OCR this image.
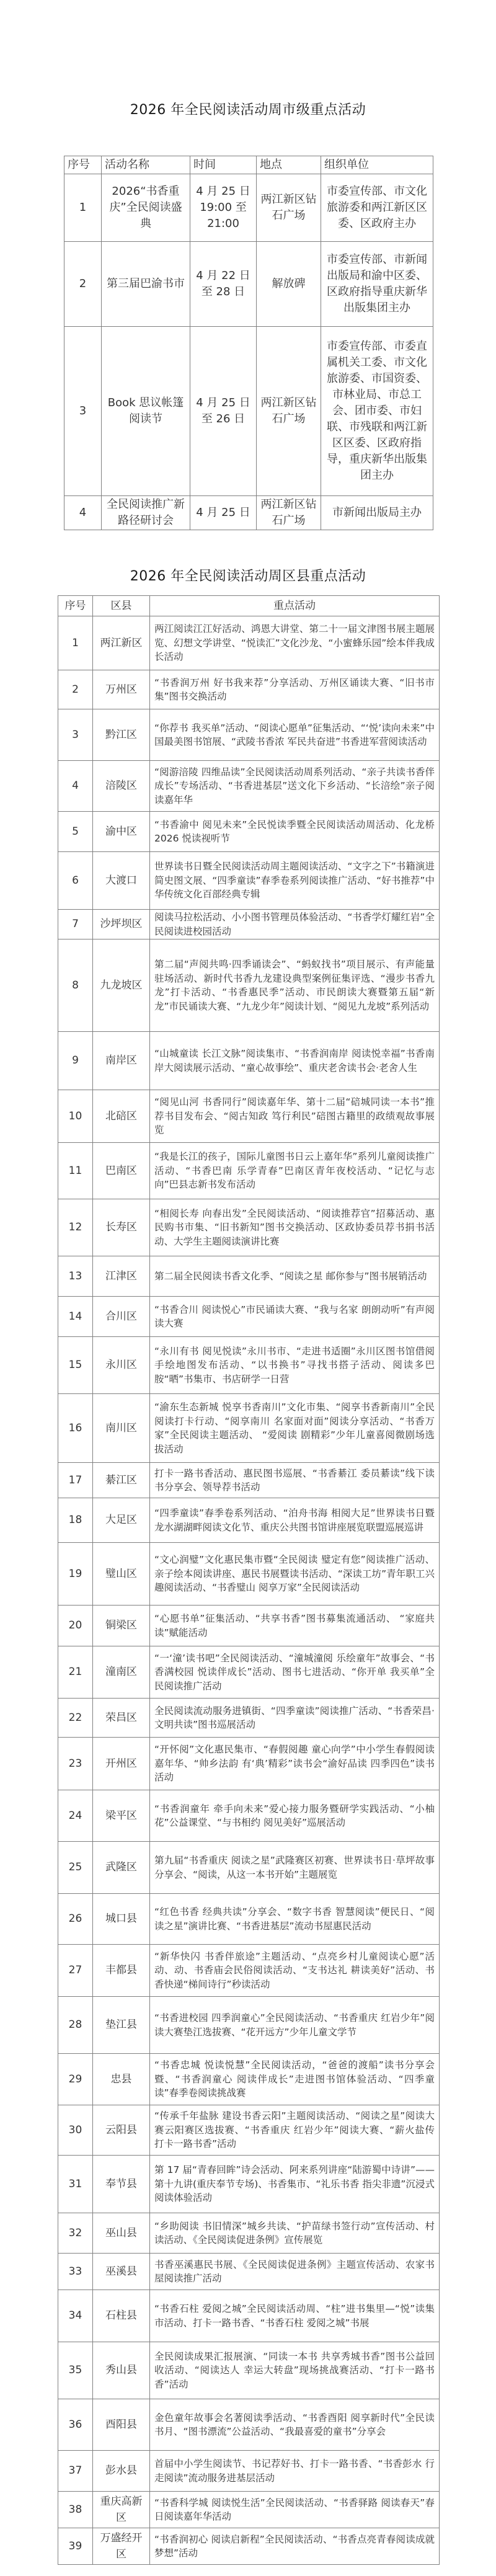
2026 年全民阅读活动周市级重点活动
序号	活动名称	时间	地点	组织单位
1	2026“书香重庆”全民阅读盛典	4 月 25 日 19:00 至 21:00	两江新区钻石广场	市委宣传部、市文化旅游委和两江新区区委、区政府主办
2	第三届巴渝书市	4 月 22 日至 28 日	解放碑	市委宣传部、市新闻出版局和渝中区委、区政府指导重庆新华出版集团主办
3	Book 思议帐篷阅读节	4 月 25 日至 26 日	两江新区钻石广场	市委宣传部、市委直属机关工委、市文化旅游委、市国资委、市林业局、市总工会、团市委、市妇联、市残联和两江新区区委、区政府指导，重庆新华出版集团主办
4	全民阅读推广新路径研讨会	4 月 25 日	两江新区钻石广场	市新闻出版局主办
2026 年全民阅读活动周区县重点活动
序号	区县	重点活动
1	两江新区	两江阅读江江好活动、鸿恩大讲堂、第二十一届文津图书展主题展览、幻想文学讲堂、“悦读汇”文化沙龙、“小蜜蜂乐园”绘本伴我成长活动
2	万州区	“书香润万州 好书我来荐”分享活动、万州区诵读大赛、“旧书市集”图书交换活动
3	黔江区	“你荐书 我买单”活动、“阅读心愿单”征集活动、“‘悦’读向未来”中国最美图书馆展、“武陵书香浓 军民共奋进”书香进军营阅读活动
4	涪陵区	“阅游涪陵 四维品读”全民阅读活动周系列活动、“亲子共读书香伴成长”专场活动、“书香进基层”送文化下乡活动、“长涪绘”亲子阅读嘉年华
5	渝中区	“书香渝中 阅见未来”全民悦读季暨全民阅读活动周活动、化龙桥 2026 悦读视听节
6	大渡口	世界读书日暨全民阅读活动周主题阅读活动、“文字之下”书籍演进简史图文展、“四季童读”春季卷系列阅读推广活动、“好书推荐”中华传统文化百部经典专辑
7	沙坪坝区	阅读马拉松活动、小小图书管理员体验活动、“书香学灯耀红岩”全民阅读进校园活动
8	九龙坡区	第二届“声阅共鸣·四季诵读会”、“蚂蚁找书”项目展示、有声能量驻场活动、新时代书香九龙建设典型案例征集评选、“漫步书香九龙”打卡活动、“书香惠民季”活动、市民朗读大赛暨第五届“新龙”市民诵读大赛、“九龙少年”阅读计划、“阅见九龙坡”系列活动
9	南岸区	“山城童读 长江文脉”阅读集市、“书香润南岸 阅读悦幸福”书香南岸大阅读展示活动、“童心故事绘”、重庆老舍读书会·老舍人生
10	北碚区	“阅见山河 书香同行”阅读嘉年华、第十二届“碚城同读一本书”推荐书目发布会、“阅古知政 笃行利民”碚图古籍里的政绩观故事展览
11	巴南区	“我是长江的孩子，国际儿童图书日云上嘉年华”系列儿童阅读推广活动、“书香巴南 乐学青春”巴南区青年夜校活动、“记忆与志向”巴县志新书发布活动
12	长寿区	“相阅长寿 向春出发”全民阅读活动、“阅读推荐官”招募活动、惠民购书市集、“旧书新知”图书交换活动、区政协委员荐书捐书活动、大学生主题阅读演讲比赛
13	江津区	第二届全民阅读书香文化季、“阅读之星 邮你参与”图书展销活动
14	合川区	“书香合川 阅读悦心”市民诵读大赛、“我与名家 朗朗动听”有声阅读大赛
15	永川区	“永川有书 阅见悦读”永川书市、“走进书适圈”永川区图书馆借阅手绘地图发布活动、“以书换书”寻找书搭子活动、阅读多巴胺“晒”书集市、书店研学一日营
16	南川区	“渝东生态新城 悦享书香南川”文化市集、“阅享书香新南川”全民阅读打卡行动、“阅享南川 名家面对面”阅读分享活动、“书香万家”全民阅读主题活动、 “爱阅读 剧精彩”少年儿童喜阅微剧场选拔活动
17	綦江区	打卡一路书香活动、惠民图书巡展、“书香綦江 委员綦读”线下读书分享会、领导荐书活动
18	大足区	“四季童读”春季卷系列活动、“泊舟书海 相阅大足”世界读书日暨龙水湖湖畔阅读文化节、重庆公共图书馆讲座展览联盟巡展巡讲
19	璧山区	“文心润璧”文化惠民集市暨“全民阅读 璧定有您”阅读推广活动、亲子绘本阅读讲座、惠民书展暨读书活动、“深读工坊”青年职工兴趣阅读活动、“书香璧山 阅享万家”全民阅读活动
20	铜梁区	“心愿书单”征集活动、“共享书香”图书募集流通活动、 “家庭共读”赋能活动
21	潼南区	“一‘潼’读书吧”全民阅读活动、“潼城潼阅 乐绘童年”故事会、“书香满校园 悦读伴成长”活动、图书七进活动、“你开单 我买单”全民阅读推广活动
22	荣昌区	全民阅读流动服务进镇街、“四季童读”阅读推广活动、“书香荣昌·文明共读”图书巡展活动
23	开州区	“开怀阅”文化惠民集市、“春假阅趣 童心向学”中小学生春假阅读嘉年华、“帅乡法韵 有‘典’精彩”读书会“渝好品读 四季四色”读书活动
24	梁平区	“书香润童年 牵手向未来”爱心接力服务暨研学实践活动、“小柚花”公益课堂、“与书相约 阅见美好”巡展活动
25	武隆区	第九届“书香重庆 阅读之星”武隆赛区初赛、世界读书日·草坪故事分享会、“阅读，从这一本书开始”主题展览
26	城口县	“红色书香 经典共读”分享会、“数字书香 智慧阅读”便民日、“阅读之星”演讲比赛、“书香进基层”流动书屋惠民活动
27	丰都县	“新华快闪 书香伴旅途”主题活动、“点亮乡村儿童阅读心愿”活动、动、书香庙会民俗阅读活动、“支书达礼 耕读美好”活动、书香快递“梯间诗行”秒读活动
28	垫江县	“书香进校园 四季润童心”全民阅读活动、“书香重庆 红岩少年”阅读大赛垫江选拔赛、“花开远方”少年儿童文学节
29	忠县	“书香忠城 悦读悦慧”全民阅读活动，“爸爸的渡船”读书分享会暨、“书香润童心 阅读伴成长”走进图书馆体验活动、“四季童读”春季卷阅读挑战赛
30	云阳县	“传承千年盐脉 建设书香云阳”主题阅读活动、“阅读之星”阅读大赛云阳赛区选拔赛、“书香重庆 红岩少年”阅读大赛、“薪火盐传 打卡一路书香”活动
31	奉节县	第 17 届“青春回眸”诗会活动、阿来系列讲座“陆游蜀中诗讲”——第十九讲(重庆奉节专场)、书香集市、“礼乐书香 指尖非遗”沉浸式阅读体验活动
32	巫山县	“乡助阅读 书旧情深”城乡共读、“护苗绿书签行动”宣传活动、村读活动、《全民阅读促进条例》宣传展览
33	巫溪县	书香巫溪惠民书展、《全民阅读促进条例》主题宣传活动、农家书屋阅读推广活动
34	石柱县	“书香石柱 爱阅之城”全民阅读活动周、“柱”进书集里—“悦”读集市活动、打卡一路书香、“书香石柱 爱阅之城”书展
35	秀山县	全民阅读成果汇报展演、“同读一本书 共享秀城书香”图书公益回收活动、“阅读达人 幸运大转盘”现场挑战赛活动、“打卡一路书香”活动
36	酉阳县	金色童年故事会名著阅读季活动、“书香酉阳 阅享新时代”全民读书月、“图书漂流”公益活动、“我最喜爱的童书”分享会
37	彭水县	首届中小学生阅读节、书记荐好书、打卡一路书香、“书香彭水 行走阅读”流动服务进基层活动
38	重庆高新区	“书香科学城 阅读悦生活”全民阅读活动、“书香驿路 阅读春天”春日阅读嘉年华活动
39	万盛经开区	“书香润初心 阅读启新程”全民阅读活动、“书香点亮青春阅读成就梦想”活动
